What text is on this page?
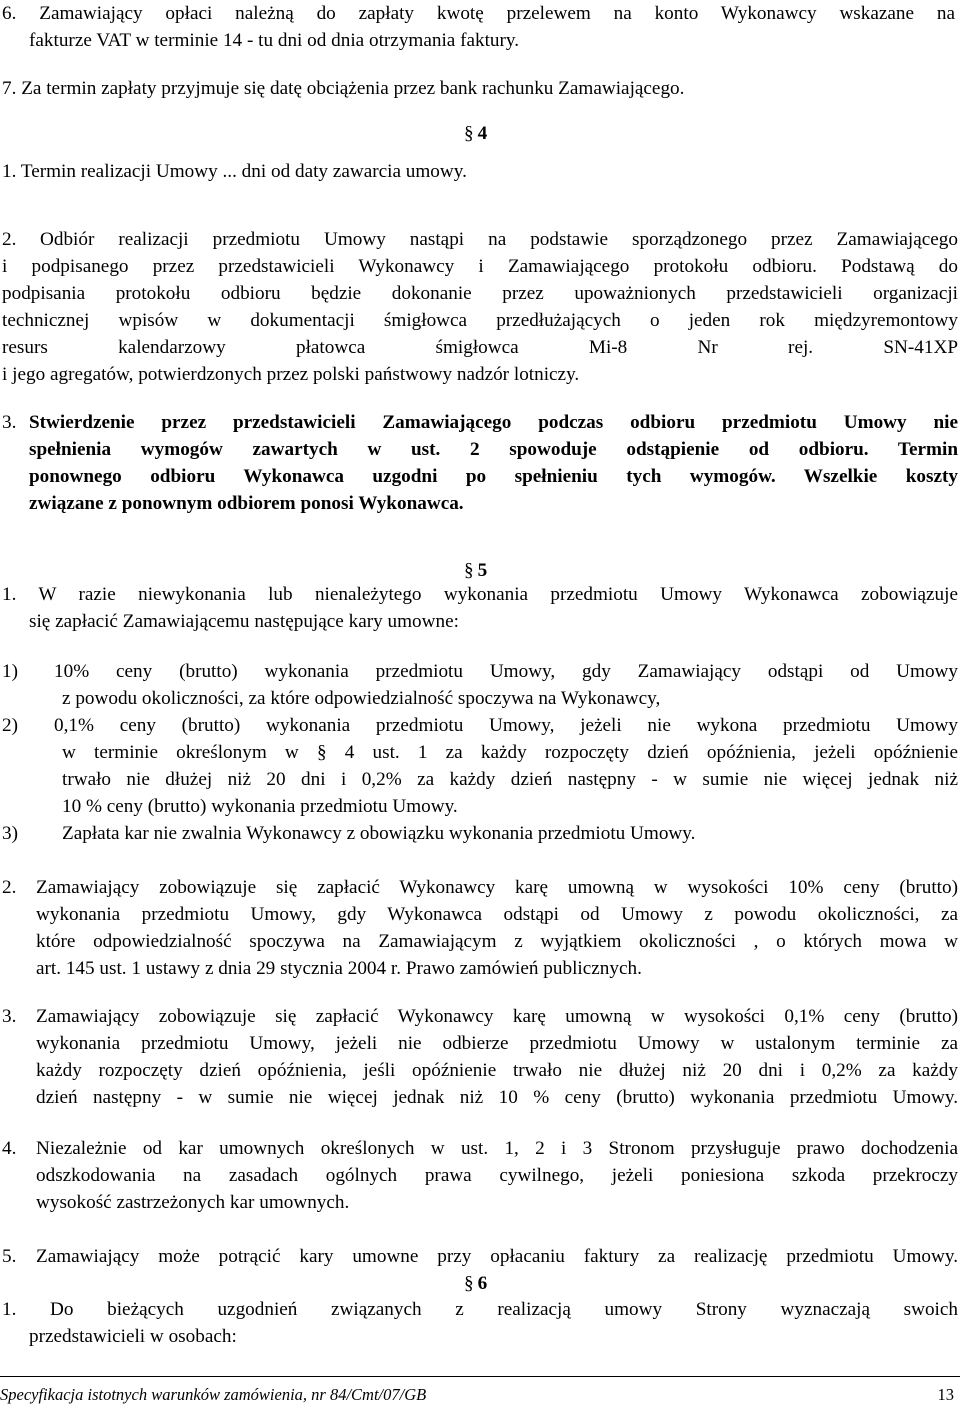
6. Zamawiający opłaci należną do zapłaty kwotę przelewem na konto Wykonawcy wskazane na
fakturze VAT w terminie 14 - tu dni od dnia otrzymania faktury.
7. Za termin zapłaty przyjmuje się datę obciążenia przez bank rachunku Zamawiającego.
§ 4
1. Termin realizacji Umowy ... dni od daty zawarcia umowy.
2. Odbiór realizacji przedmiotu Umowy nastąpi na podstawie sporządzonego przez Zamawiającego
i podpisanego przez przedstawicieli Wykonawcy i Zamawiającego protokołu odbioru. Podstawą do
podpisania protokołu odbioru będzie dokonanie przez upoważnionych przedstawicieli organizacji
technicznej wpisów w dokumentacji śmigłowca przedłużających o jeden rok międzyremontowy
resurs kalendarzowy płatowca śmigłowca Mi-8 Nr rej. SN-41XP
i jego agregatów, potwierdzonych przez polski państwowy nadzór lotniczy.
3. Stwierdzenie przez przedstawicieli Zamawiającego podczas odbioru przedmiotu Umowy nie
spełnienia wymogów zawartych w ust. 2 spowoduje odstąpienie od odbioru. Termin
ponownego odbioru Wykonawca uzgodni po spełnieniu tych wymogów. Wszelkie koszty
związane z ponownym odbiorem ponosi Wykonawca.
§ 5
1. W razie niewykonania lub nienależytego wykonania przedmiotu Umowy Wykonawca zobowiązuje
się zapłacić Zamawiającemu następujące kary umowne:
1) 10% ceny (brutto) wykonania przedmiotu Umowy, gdy Zamawiający odstąpi od Umowy
z powodu okoliczności, za które odpowiedzialność spoczywa na Wykonawcy,
2) 0,1% ceny (brutto) wykonania przedmiotu Umowy, jeżeli nie wykona przedmiotu Umowy
w terminie określonym w § 4 ust. 1 za każdy rozpoczęty dzień opóźnienia, jeżeli opóźnienie
trwało nie dłużej niż 20 dni i 0,2% za każdy dzień następny - w sumie nie więcej jednak niż
10 % ceny (brutto) wykonania przedmiotu Umowy.
3) Zapłata kar nie zwalnia Wykonawcy z obowiązku wykonania przedmiotu Umowy.
2. Zamawiający zobowiązuje się zapłacić Wykonawcy karę umowną w wysokości 10% ceny (brutto)
wykonania przedmiotu Umowy, gdy Wykonawca odstąpi od Umowy z powodu okoliczności, za
które odpowiedzialność spoczywa na Zamawiającym z wyjątkiem okoliczności , o których mowa w
art. 145 ust. 1 ustawy z dnia 29 stycznia 2004 r. Prawo zamówień publicznych.
3. Zamawiający zobowiązuje się zapłacić Wykonawcy karę umowną w wysokości 0,1% ceny (brutto)
wykonania przedmiotu Umowy, jeżeli nie odbierze przedmiotu Umowy w ustalonym terminie za
każdy rozpoczęty dzień opóźnienia, jeśli opóźnienie trwało nie dłużej niż 20 dni i 0,2% za każdy
dzień następny - w sumie nie więcej jednak niż 10 % ceny (brutto) wykonania przedmiotu Umowy.
4. Niezależnie od kar umownych określonych w ust. 1, 2 i 3 Stronom przysługuje prawo dochodzenia
odszkodowania na zasadach ogólnych prawa cywilnego, jeżeli poniesiona szkoda przekroczy
wysokość zastrzeżonych kar umownych.
5. Zamawiający może potrącić kary umowne przy opłacaniu faktury za realizację przedmiotu Umowy.
§ 6
1. Do bieżących uzgodnień związanych z realizacją umowy Strony wyznaczają swoich
przedstawicieli w osobach:
Specyfikacja istotnych warunków zamówienia, nr 84/Cmt/07/GB	13
